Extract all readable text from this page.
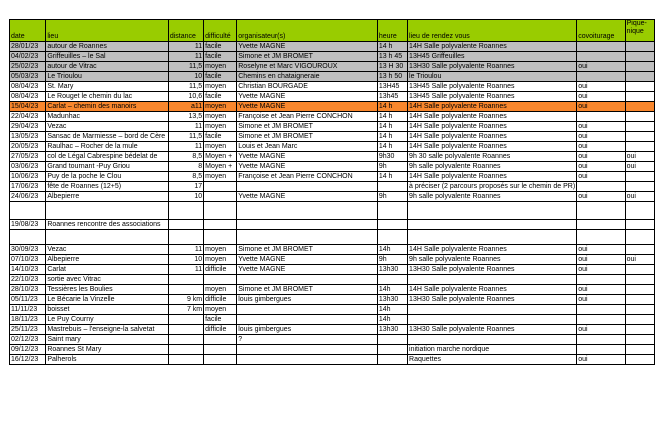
date	lieu	distance	difficulté	organisateur(s)	heure	lieu de rendez vous	covoiturage	Pique-nique
28/01/23	autour de Roannes	11	facile	Yvette MAGNE	14 h	14H Salle polyvalente Roannes		
04/02/23	Griffeuilles – le Sal	11	facile	Simone et JM BROMET	13 h 45	13H45 Griffeuilles		
25/02/23	autour de Vitrac	11,5	moyen	Roselyne et Marc VIGOUROUX	13 H 30	13H30 Salle polyvalente Roannes	oui	
05/03/23	Le Trioulou	10	facile	Chemins en chataigneraie	13 h 50	le Trioulou		
08/04/23	St. Mary	11,5	moyen	Christian BOURGADE	13H45	13H45 Salle polyvalente Roannes	oui	
08/04/23	Le Rouget le chemin du lac	10,6	facile	Yvette MAGNE	13h45	13H45 Salle polyvalente Roannes	oui	
15/04/23	Carlat – chemin des manoirs	a11	moyen	Yvette MAGNE	14 h	14H Salle polyvalente Roannes	oui	
22/04/23	Madunhac	13,5	moyen	Françoise et Jean Pierre CONCHON	14 h	14H Salle polyvalente Roannes		
29/04/23	Vezac	11	moyen	Simone et JM BROMET	14 h	14H Salle polyvalente Roannes	oui	
13/05/23	Sansac de Marmiesse – bord de Cère	11,5	facile	Simone et JM BROMET	14 h	14H Salle polyvalente Roannes	oui	
20/05/23	Raulhac – Rocher de la mule	11	moyen	Louis et Jean Marc	14 h	14H Salle polyvalente Roannes	oui	
27/05/23	col de Légal Cabrespine bédelat de	8,5	Moyen +	Yvette MAGNE	9h30	9h 30 salle polyvalente Roannes	oui	oui
03/06/23	Grand tournant -Puy Griou	8	Moyen +	Yvette MAGNE	9h	9h salle polyvalente Roannes	oui	oui
10/06/23	Puy de la poche le Clou	8,5	moyen	Françoise et Jean Pierre CONCHON	14 h	14H Salle polyvalente Roannes	oui	
17/06/23	fête de Roannes (12+5)	17				à préciser (2 parcours proposés sur le chemin de PR)		
24/06/23	Albepierre	10		Yvette MAGNE	9h	9h salle polyvalente Roannes	oui	oui

19/08/23	Roannes rencontre des associations							

30/09/23	Vezac	11	moyen	Simone et JM BROMET	14h	14H Salle polyvalente Roannes	oui	
07/10/23	Albepierre	10	moyen	Yvette MAGNE	9h	9h salle polyvalente Roannes	oui	oui
14/10/23	Carlat	11	difficile	Yvette MAGNE	13h30	13H30 Salle polyvalente Roannes	oui	
22/10/23	sortie avec Vitrac							
28/10/23	Tessières les Boulies		moyen	Simone et JM BROMET	14h	14H Salle polyvalente Roannes	oui	
05/11/23	Le Bécarie la Vinzelle	9 km	difficile	louis gimbergues	13h30	13H30 Salle polyvalente Roannes	oui	
11/11/23	boisset	7 km	moyen		14h			
18/11/23	Le Puy Courny		facile		14h			
25/11/23	Mastrebuis – l'enseigne-la salvetat		difficile	louis gimbergues	13h30	13H30 Salle polyvalente Roannes	oui	
02/12/23	Saint mary			?				
09/12/23	Roannes St Mary					initiation marche nordique		
16/12/23	Palherols					Raquettes	oui	
